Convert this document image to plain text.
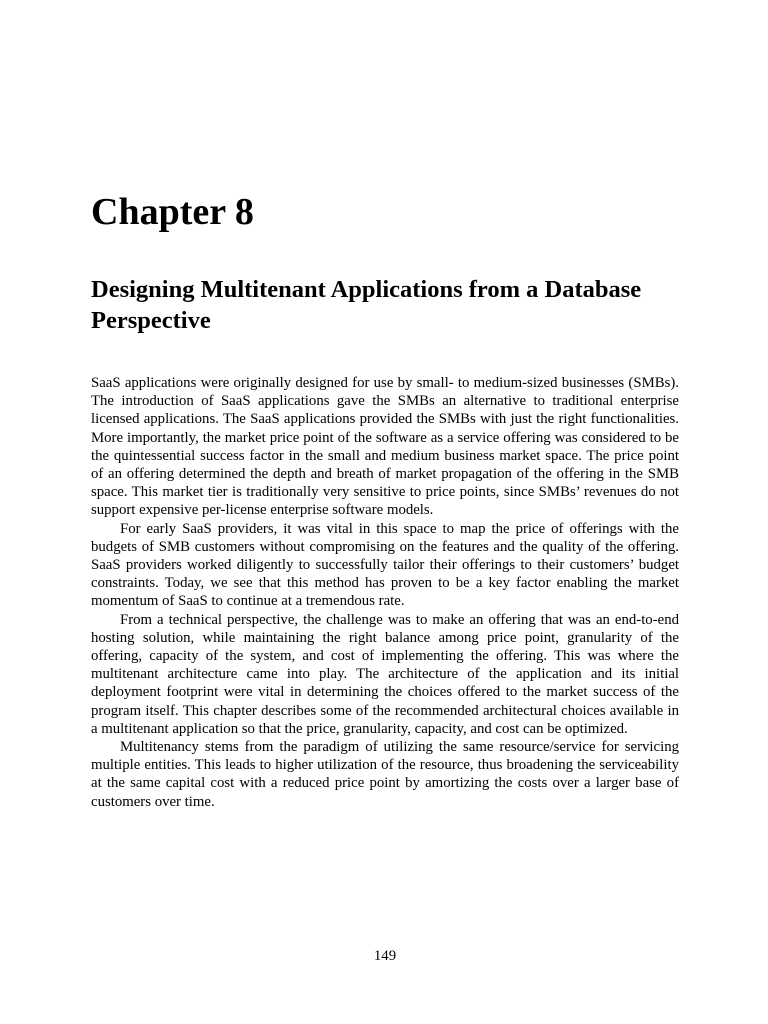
Chapter 8
Designing Multitenant Applications from a Database Perspective

SaaS applications were originally designed for use by small- to medium-sized businesses (SMBs). The introduction of SaaS applications gave the SMBs an alternative to traditional enterprise licensed applications. The SaaS applications provided the SMBs with just the right functionalities. More importantly, the market price point of the software as a service offering was considered to be the quintessential success factor in the small and medium business market space. The price point of an offering determined the depth and breath of market propagation of the offering in the SMB space. This market tier is traditionally very sensitive to price points, since SMBs’ revenues do not support expensive per-license enterprise software models.

For early SaaS providers, it was vital in this space to map the price of offerings with the budgets of SMB customers without compromising on the features and the quality of the offering. SaaS providers worked diligently to successfully tailor their offerings to their customers’ budget constraints. Today, we see that this method has proven to be a key factor enabling the market momentum of SaaS to continue at a tremendous rate.

From a technical perspective, the challenge was to make an offering that was an end-to-end hosting solution, while maintaining the right balance among price point, granularity of the offering, capacity of the system, and cost of implementing the offering. This was where the multitenant architecture came into play. The architecture of the application and its initial deployment footprint were vital in determining the choices offered to the market success of the program itself. This chapter describes some of the recommended architectural choices available in a multitenant application so that the price, granularity, capacity, and cost can be optimized.

Multitenancy stems from the paradigm of utilizing the same resource/service for servicing multiple entities. This leads to higher utilization of the resource, thus broadening the serviceability at the same capital cost with a reduced price point by amortizing the costs over a larger base of customers over time.

149
